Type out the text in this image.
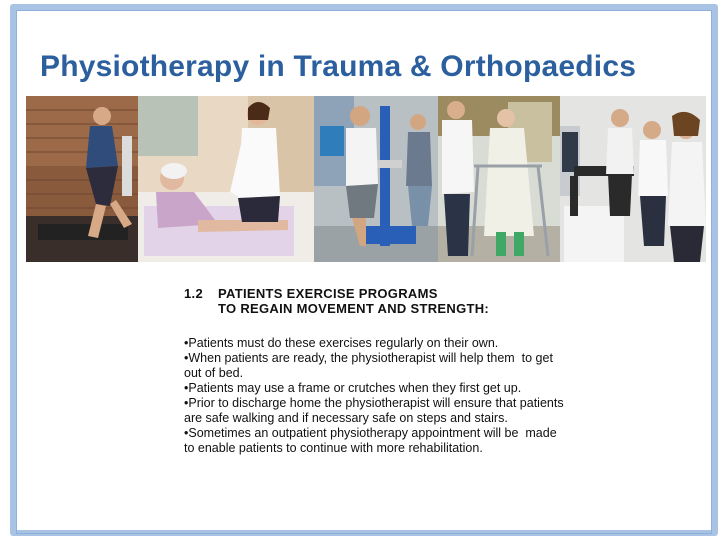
Physiotherapy in Trauma & Orthopaedics
1.2 PATIENTS EXERCISE PROGRAMS
TO REGAIN MOVEMENT AND STRENGTH:

•Patients must do these exercises regularly on their own.

•When patients are ready, the physiotherapist will help them  to get out of bed.

•Patients may use a frame or crutches when they first get up.

•Prior to discharge home the physiotherapist will ensure that patients are safe walking and if necessary safe on steps and stairs.

•Sometimes an outpatient physiotherapy appointment will be  made to enable patients to continue with more rehabilitation.
